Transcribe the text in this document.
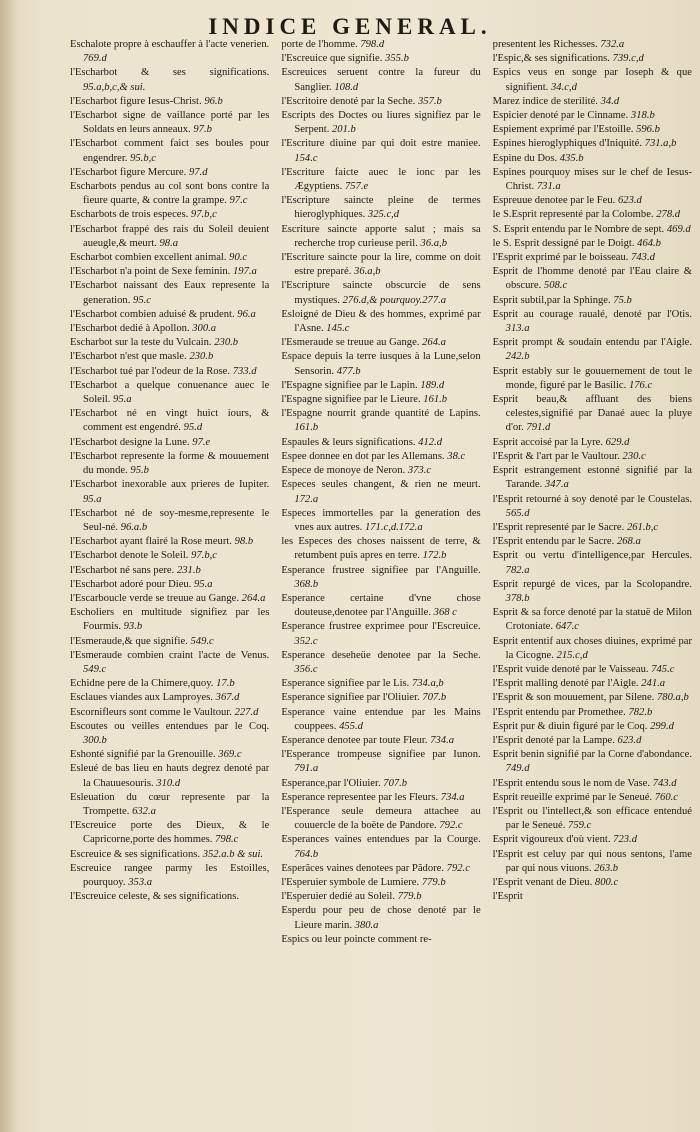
INDICE GENERAL.

Eschalote propre à eschauffer à l'acte venerien. 769.d

l'Escharbot & ses significations. 95.a,b,c,& sui.

l'Escharbot figure Iesus-Christ. 96.b

l'Escharbot signe de vaillance porté par les Soldats en leurs anneaux. 97.b

l'Escharbot comment faict ses boules pour engendrer. 95.b,c

l'Escharbot figure Mercure. 97.d

Escharbots pendus au col sont bons contre la fieure quarte, & contre la grampe. 97.c

Escharbots de trois especes. 97.b,c

l'Escharbot frappé des rais du Soleil deuient aueugle,& meurt. 98.a

Escharbot combien excellent animal. 90.c

l'Escharbot n'a point de Sexe feminin. 197.a

l'Escharbot naissant des Eaux represente la generation. 95.c

l'Escharbot combien aduisé & prudent. 96.a

l'Escharbot dedié à Apollon. 300.a

Escharbot sur la teste du Vulcain. 230.b

l'Escharbot n'est que masle. 230.b

l'Escharbot tué par l'odeur de la Rose. 733.d

l'Escharbot a quelque conuenance auec le Soleil. 95.a

l'Escharbot né en vingt huict iours, & comment est engendré. 95.d

l'Escharbot designe la Lune. 97.e

l'Escharbot represente la forme & mouuement du monde. 95.b

l'Escharbot inexorable aux prieres de Iupiter. 95.a

l'Escharbot né de soy-mesme,represente le Seul-né. 96.a.b

l'Escharbot ayant flairé la Rose meurt. 98.b

l'Escharbot denote le Soleil. 97.b,c

l'Escharbot né sans pere. 231.b

l'Escharbot adoré pour Dieu. 95.a

l'Escarboucle verde se treuue au Gange. 264.a

Escholiers en multitude signifiez par les Fourmis. 93.b

l'Esmeraude,& que signifie. 549.c

l'Esmeraude combien craint l'acte de Venus. 549.c

Echidne pere de la Chimere,quoy. 17.b

Esclaues viandes aux Lamproyes. 367.d

Escornifleurs sont comme le Vaultour. 227.d

Escoutes ou veilles entendues par le Coq. 300.b

Eshonté signifié par la Grenouille. 369.c

Esleué de bas lieu en hauts degrez denoté par la Chauuesouris. 310.d

Esleuation du cœur represente par la Trompette. 632.a

l'Escreuice porte des Dieux, & le Capricorne,porte des hommes. 798.c

Escreuice & ses significations. 352.a.b & sui.

Escreuice rangee parmy les Estoilles, pourquoy. 353.a

l'Escreuice celeste, & ses significations.

porte de l'homme. 798.d

l'Escreuice que signifie. 355.b

Escreuices seruent contre la fureur du Sanglier. 108.d

l'Escritoire denoté par la Seche. 357.b

Escripts des Doctes ou liures signifiez par le Serpent. 201.b

l'Escriture diuine par qui doit estre maniee. 154.c

l'Escriture faicte auec le ionc par les Ægyptiens. 757.e

l'Escripture saincte pleine de termes hieroglyphiques. 325.c,d

Escriture saincte apporte salut ; mais sa recherche trop curieuse peril. 36.a,b

l'Escriture saincte pour la lire, comme on doit estre preparé. 36.a,b

l'Escripture saincte obscurcie de sens mystiques. 276.d,& pourquoy.277.a

Esloigné de Dieu & des hommes, exprimé par l'Asne. 145.c

l'Esmeraude se treuue au Gange. 264.a

Espace depuis la terre iusques à la Lune,selon Sensorin. 477.b

l'Espagne signifiee par le Lapin. 189.d

l'Espagne signifiee par le Lieure. 161.b

l'Espagne nourrit grande quantité de Lapins. 161.b

Espaules & leurs significations. 412.d

Espee donnee en dot par les Allemans. 38.c

Espece de monoye de Neron. 373.c

Especes seules changent, & rien ne meurt. 172.a

Especes immortelles par la generation des vnes aux autres. 171.c,d.172.a

les Especes des choses naissent de terre, & retumbent puis apres en terre. 172.b

Esperance frustree signifiee par l'Anguille. 368.b

Esperance certaine d'vne chose douteuse,denotee par l'Anguille. 368 c

Esperance frustree exprimee pour l'Escreuice. 352.c

Esperance deseheüe denotee par la Seche. 356.c

Esperance signifiee par le Lis. 734.a,b

Esperance signifiee par l'Oliuier. 707.b

Esperance vaine entendue par les Mains couppees. 455.d

Esperance denotee par toute Fleur. 734.a

l'Esperance trompeuse signifiee par Iunon. 791.a

Esperance,par l'Oliuier. 707.b

Esperance representee par les Fleurs. 734.a

l'Esperance seule demeura attachee au couuercle de la boëte de Pandore. 792.c

Esperances vaines entendues par la Courge. 764.b

Esperãces vaines denotees par Pãdore. 792.c

l'Esperuier symbole de Lumiere. 779.b

l'Esperuier dedié au Soleil. 779.b

Esperdu pour peu de chose denoté par le Lieure marin. 380.a

Espics ou leur poincte comment re-

presentent les Richesses. 732.a

l'Espic,& ses significations. 739.c,d

Espics veus en songe par Ioseph & que signifient. 34.c,d

Marez indice de sterilité. 34.d

Espicier denoté par le Cinname. 318.b

Espiement exprimé par l'Estoille. 596.b

Espines hieroglyphiques d'Iniquité. 731.a,b

Espine du Dos. 435.b

Espines pourquoy mises sur le chef de Iesus-Christ. 731.a

Espreuue denotee par le Feu. 623.d

le S.Esprit representé par la Colombe. 278.d

S. Esprit entendu par le Nombre de sept. 469.d

le S. Esprit dessigné par le Doigt. 464.b

l'Esprit exprimé par le boisseau. 743.d

Esprit de l'homme denoté par l'Eau claire & obscure. 508.c

Esprit subtil,par la Sphinge. 75.b

Esprit au courage raualé, denoté par l'Otis. 313.a

Esprit prompt & soudain entendu par l'Aigle. 242.b

Esprit estably sur le gouuernement de tout le monde, figuré par le Basilic. 176.c

Esprit beau,& affluant des biens celestes,signifié par Danaé auec la pluye d'or. 791.d

Esprit accoisé par la Lyre. 629.d

l'Esprit & l'art par le Vaultour. 230.c

Esprit estrangement estonné signifié par la Tarande. 347.a

l'Esprit retourné à soy denoté par le Coustelas. 565.d

l'Esprit representé par le Sacre. 261.b,c

l'Esprit entendu par le Sacre. 268.a

Esprit ou vertu d'intelligence,par Hercules. 782.a

Esprit repurgé de vices, par la Scolopandre. 378.b

Esprit & sa force denoté par la statuë de Milon Crotoniate. 647.c

Esprit ententif aux choses diuines, exprimé par la Cicogne. 215.c,d

l'Esprit vuide denoté par le Vaisseau. 745.c

l'Esprit malling denoté par l'Aigle. 241.a

l'Esprit & son mouuement, par Silene. 780.a,b

l'Esprit entendu par Promethee. 782.b

Esprit pur & diuin figuré par le Coq. 299.d

l'Esprit denoté par la Lampe. 623.d

Esprit benin signifié par la Corne d'abondance. 749.d

l'Esprit entendu sous le nom de Vase. 743.d

Esprit reueille exprimé par le Seneué. 760.c

l'Esprit ou l'intellect,& son efficace entendué par le Seneué. 759.c

Esprit vigoureux d'où vient. 723.d

l'Esprit est celuy par qui nous sentons, l'ame par qui nous viuons. 263.b

l'Esprit venant de Dieu. 800.c

l'Esprit
